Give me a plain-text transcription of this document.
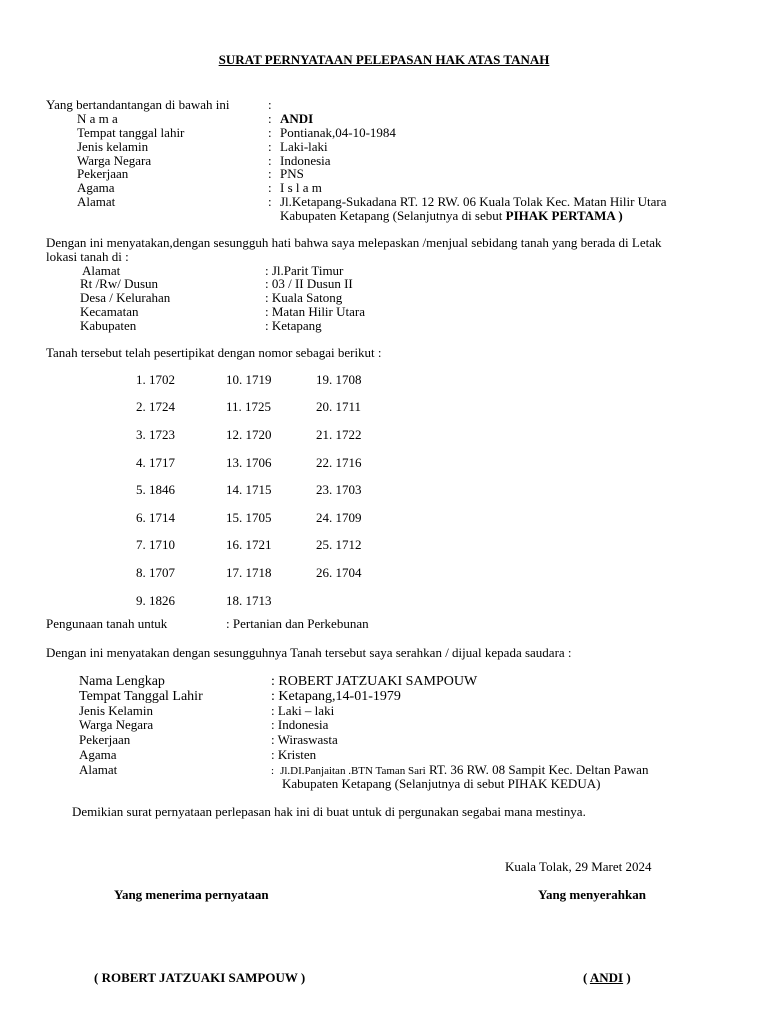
SURAT PERNYATAAN PELEPASAN HAK ATAS TANAH
Yang bertandantangan di bawah ini	:
N a m a	: ANDI
Tempat tanggal lahir	: Pontianak,04-10-1984
Jenis kelamin	: Laki-laki
Warga Negara	: Indonesia
Pekerjaan	: PNS
Agama	: I s l a m
Alamat	: Jl.Ketapang-Sukadana RT. 12 RW. 06 Kuala Tolak Kec. Matan Hilir Utara
Kabupaten Ketapang (Selanjutnya di sebut PIHAK PERTAMA )
Dengan ini menyatakan,dengan sesungguh hati bahwa saya melepaskan /menjual sebidang tanah yang berada di Letak
lokasi tanah di :
Alamat	: Jl.Parit Timur
Rt /Rw/ Dusun	: 03 / II Dusun II
Desa / Kelurahan	: Kuala Satong
Kecamatan	: Matan Hilir Utara
Kabupaten	: Ketapang
Tanah tersebut telah pesertipikat dengan nomor sebagai berikut :
1. 1702	10. 1719	19. 1708
2. 1724	11. 1725	20. 1711
3. 1723	12. 1720	21. 1722
4. 1717	13. 1706	22. 1716
5. 1846	14. 1715	23. 1703
6. 1714	15. 1705	24. 1709
7. 1710	16. 1721	25. 1712
8. 1707	17. 1718	26. 1704
9. 1826	18. 1713
Pengunaan tanah untuk	: Pertanian dan Perkebunan
Dengan ini menyatakan dengan sesungguhnya Tanah tersebut saya serahkan / dijual kepada saudara :
Nama Lengkap	: ROBERT JATZUAKI SAMPOUW
Tempat Tanggal Lahir	: Ketapang,14-01-1979
Jenis Kelamin	: Laki – laki
Warga Negara	: Indonesia
Pekerjaan	: Wiraswasta
Agama	: Kristen
Alamat	: Jl.DI.Panjaitan .BTN Taman Sari RT. 36 RW. 08 Sampit Kec. Deltan Pawan
Kabupaten Ketapang (Selanjutnya di sebut PIHAK KEDUA)
Demikian surat pernyataan perlepasan hak ini di buat untuk di pergunakan segabai mana mestinya.
Kuala Tolak, 29 Maret 2024
Yang menerima pernyataan	Yang menyerahkan
( ROBERT JATZUAKI SAMPOUW )	( ANDI )
